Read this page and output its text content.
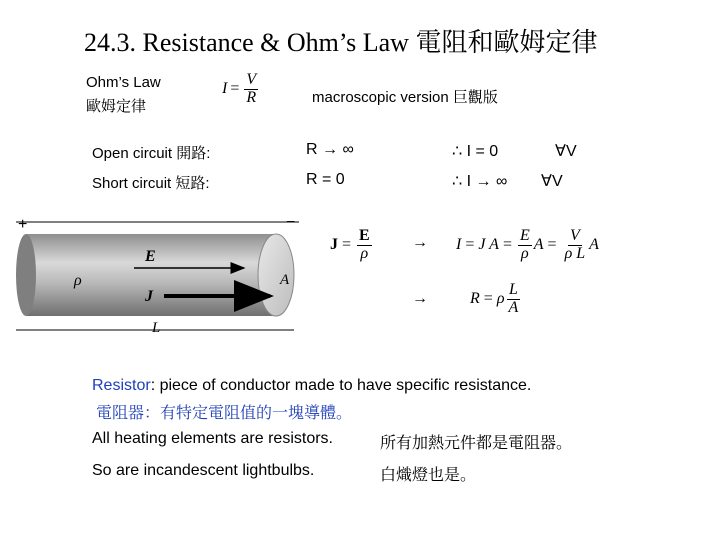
24.3. Resistance & Ohm’s Law 電阻和歐姆定律
Ohm’s Law
歐姆定律
$I = \frac{V}{R}$	macroscopic version 巨觀版
Open circuit 開路:	R → ∞	∴ I = 0	∀V
Short circuit 短路:	R = 0	∴ I → ∞ ∀V
+	−
E
J
ρ	A
L
$J = \frac{E}{\rho}$	→ I = J $A = \frac{E}{\rho}$ $A = \frac{V}{\text{ρ L}}$ A
→	R = ρ $\frac{L}{A}$
Resistor: piece of conductor made to have specific resistance.
電阻器：有特定電阻值的一塊導體。
All heating elements are resistors.	所有加熱元件都是電阻器。
So are incandescent lightbulbs.	白熾燈也是。
